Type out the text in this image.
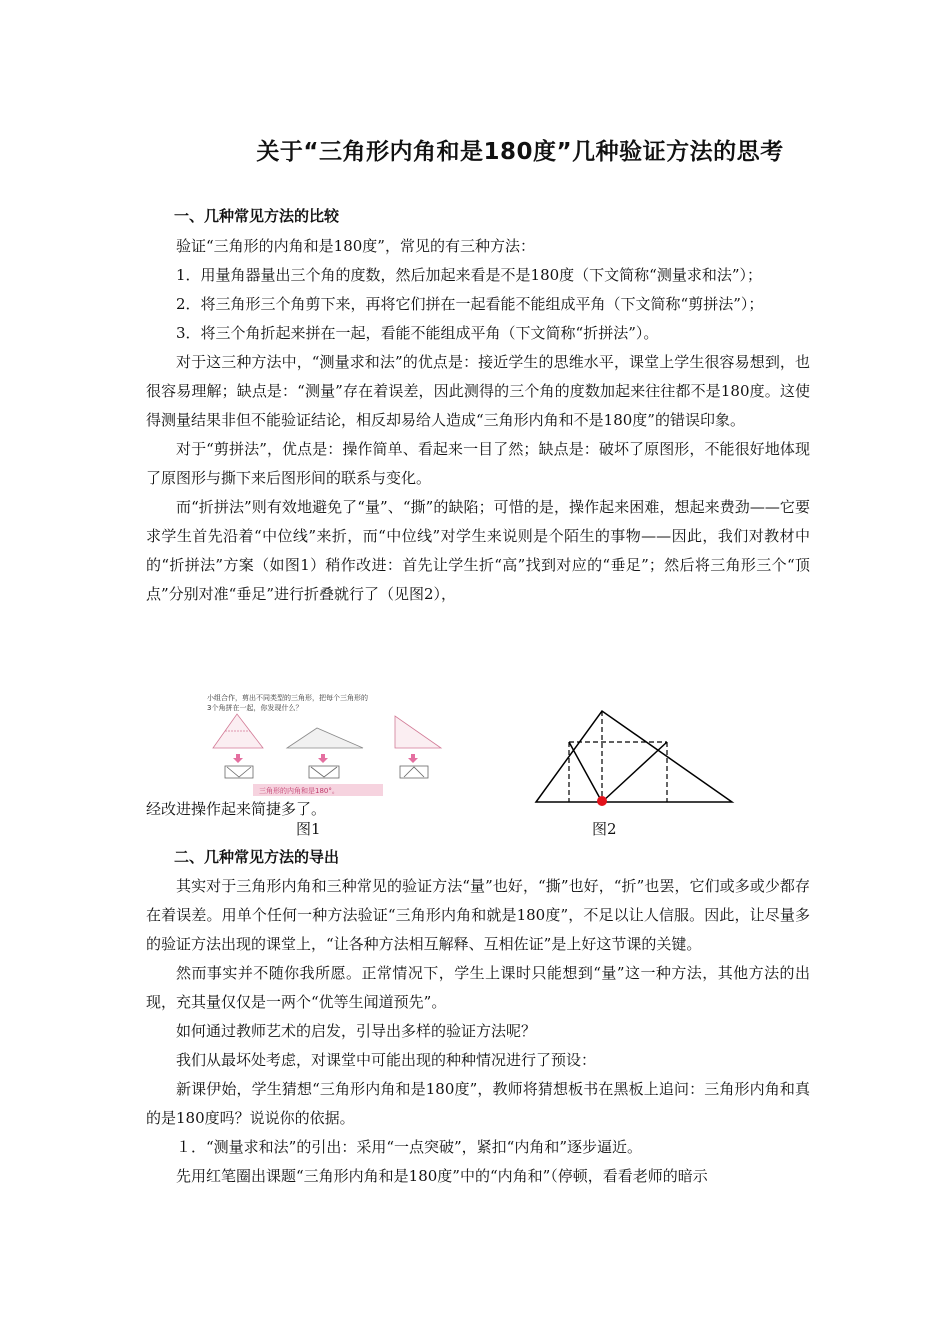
关于“三角形内角和是180度”几种验证方法的思考
一、几种常见方法的比较

验证“三角形的内角和是180度”，常见的有三种方法：

1．用量角器量出三个角的度数，然后加起来看是不是180度（下文简称“测量求和法”）；

2．将三角形三个角剪下来，再将它们拼在一起看能不能组成平角（下文简称“剪拼法”）；

3．将三个角折起来拼在一起，看能不能组成平角（下文简称“折拼法”）。

对于这三种方法中，“测量求和法”的优点是：接近学生的思维水平，课堂上学生很容易想到，也很容易理解；缺点是：“测量”存在着误差，因此测得的三个角的度数加起来往往都不是180度。这使得测量结果非但不能验证结论，相反却易给人造成“三角形内角和不是180度”的错误印象。

对于“剪拼法”，优点是：操作简单、看起来一目了然；缺点是：破坏了原图形，不能很好地体现了原图形与撕下来后图形间的联系与变化。

而“折拼法”则有效地避免了“量”、“撕”的缺陷；可惜的是，操作起来困难，想起来费劲——它要求学生首先沿着“中位线”来折，而“中位线”对学生来说则是个陌生的事物——因此，我们对教材中的“折拼法”方案（如图1）稍作改进：首先让学生折“高”找到对应的“垂足”；然后将三角形三个“顶点”分别对准“垂足”进行折叠就行了（见图2），

小组合作，剪出不同类型的三角形，把每个三角形的
3个角拼在一起，你发现什么？
三角形的内角和是180°。
经改进操作起来简捷多了。
图1	图2
二、几种常见方法的导出

其实对于三角形内角和三种常见的验证方法“量”也好，“撕”也好，“折”也罢，它们或多或少都存在着误差。用单个任何一种方法验证“三角形内角和就是180度”，不足以让人信服。因此，让尽量多的验证方法出现的课堂上，“让各种方法相互解释、互相佐证”是上好这节课的关键。

然而事实并不随你我所愿。正常情况下，学生上课时只能想到“量”这一种方法，其他方法的出现，充其量仅仅是一两个“优等生闻道预先”。

如何通过教师艺术的启发，引导出多样的验证方法呢？

我们从最坏处考虑，对课堂中可能出现的种种情况进行了预设：

新课伊始，学生猜想“三角形内角和是180度”，教师将猜想板书在黑板上追问：三角形内角和真的是180度吗？说说你的依据。

１．“测量求和法”的引出：采用“一点突破”，紧扣“内角和”逐步逼近。

先用红笔圈出课题“三角形内角和是180度”中的“内角和”（停顿，看看老师的暗示
